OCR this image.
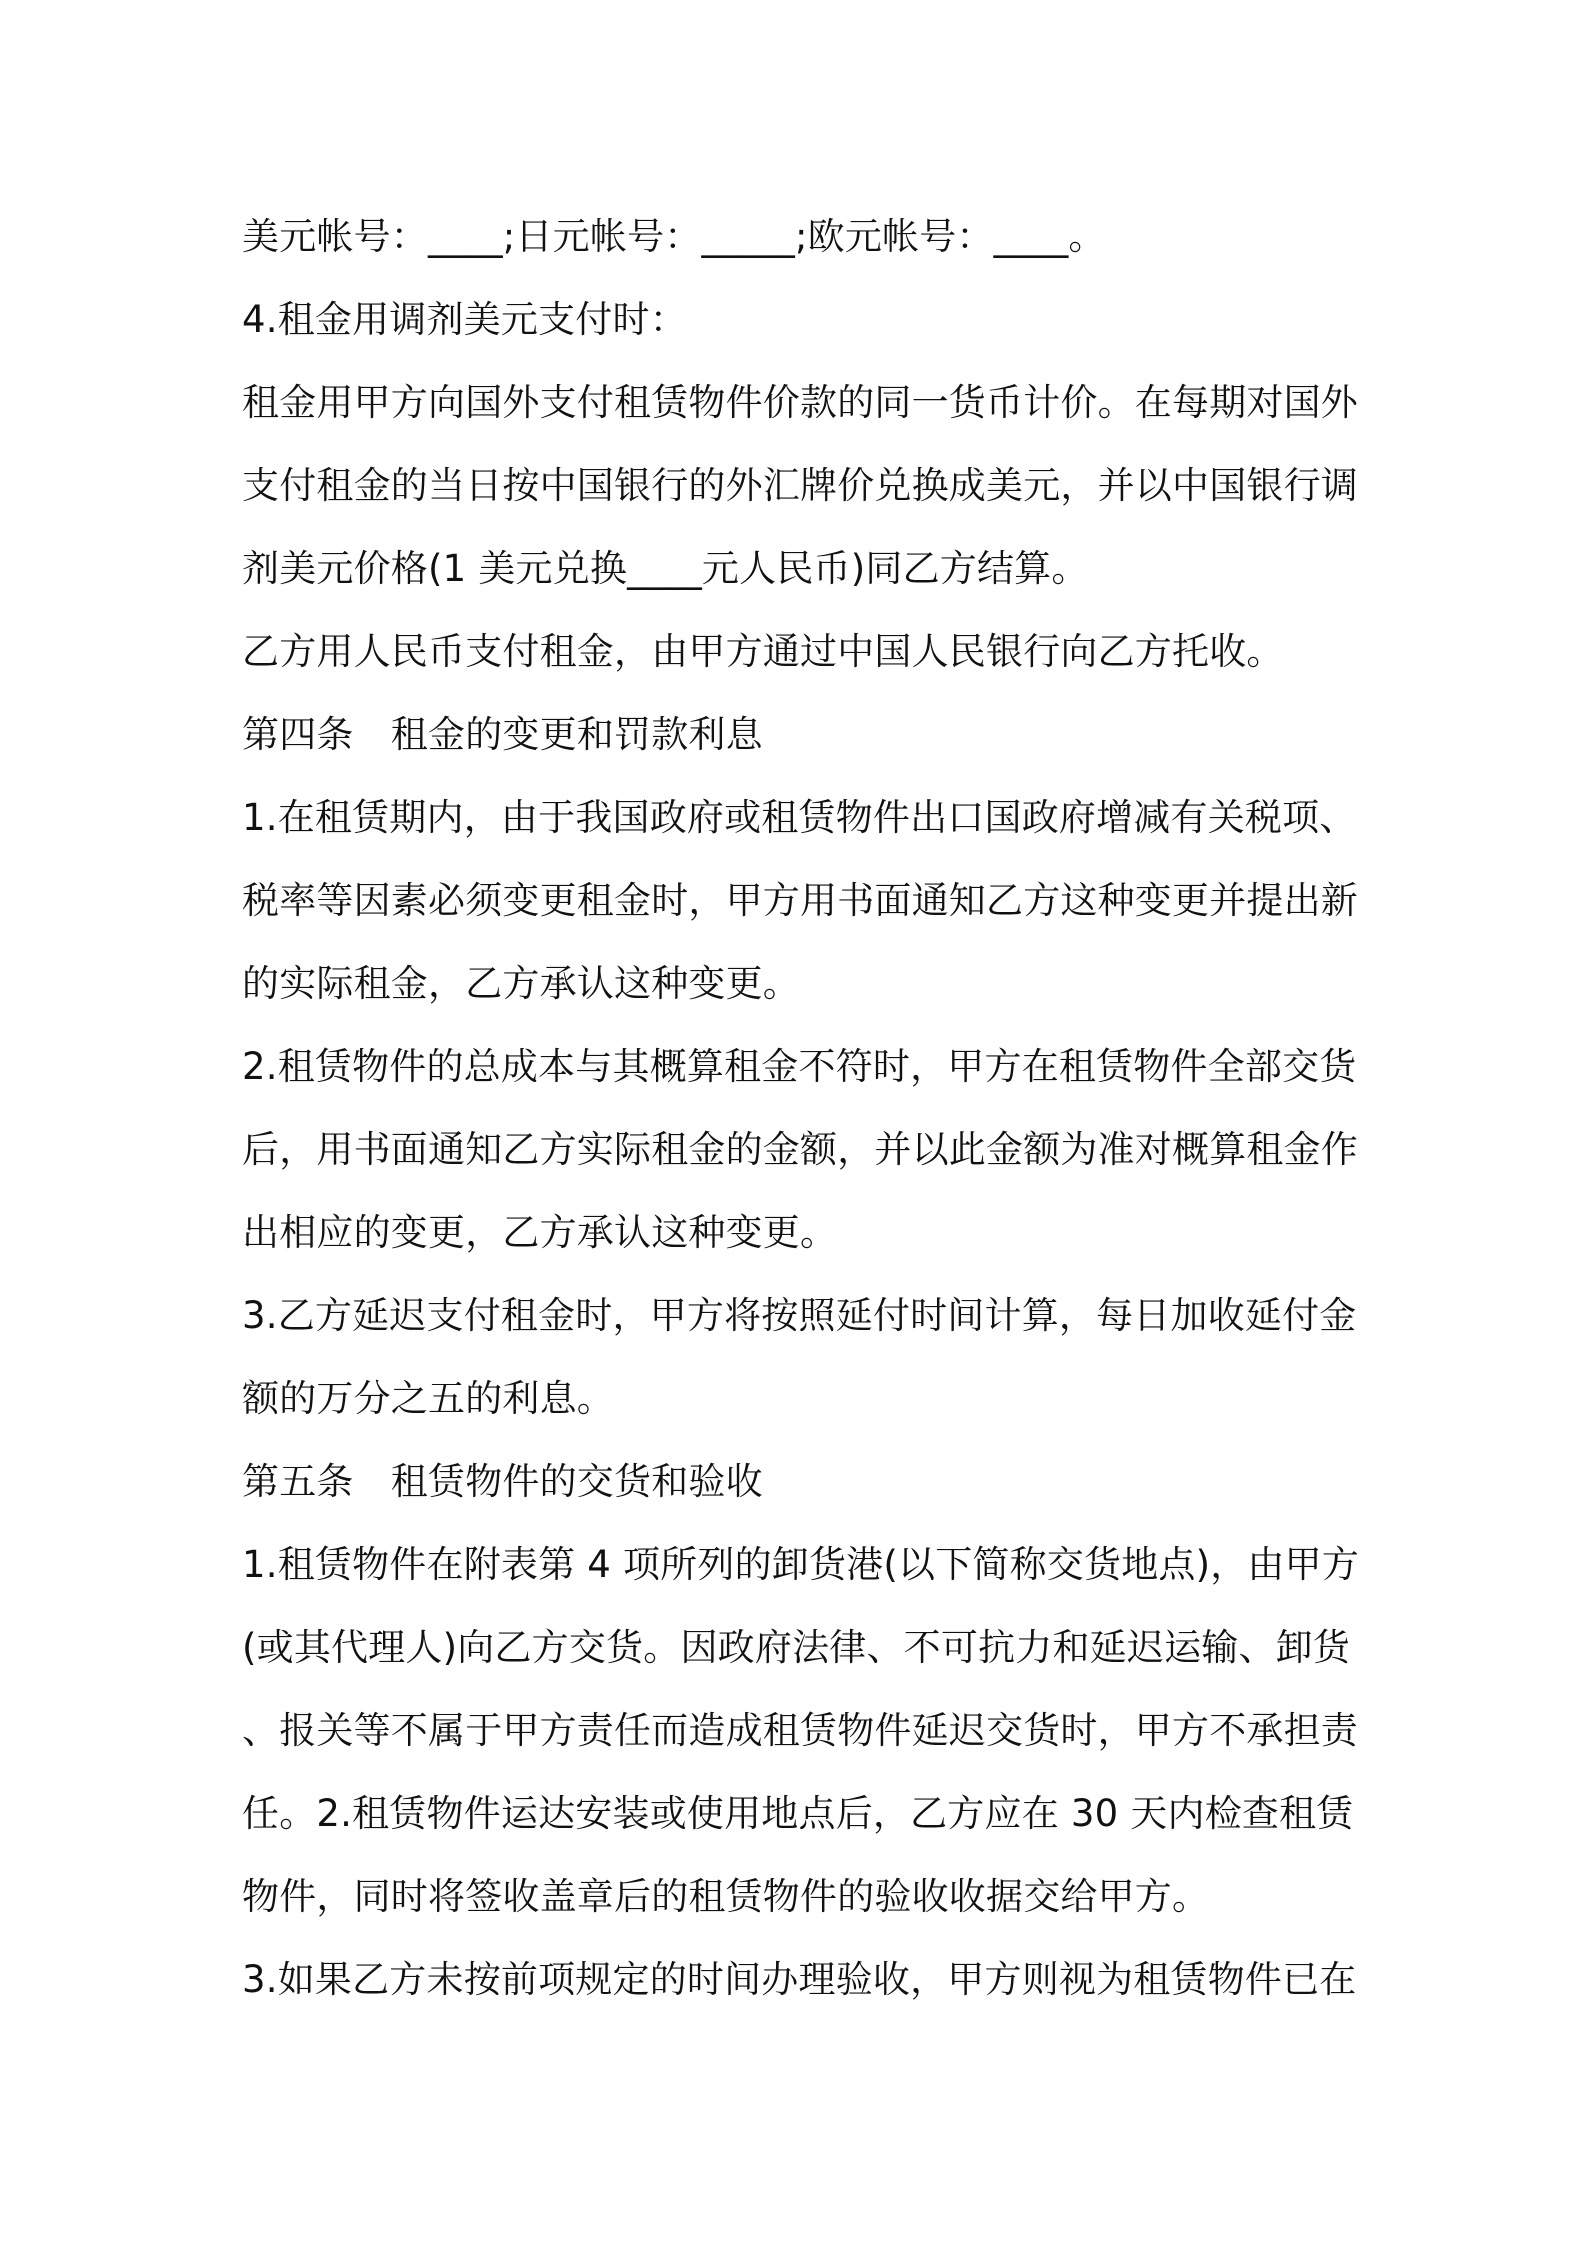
美元帐号：____;日元帐号：_____;欧元帐号：____。
4.租金用调剂美元支付时：
租金用甲方向国外支付租赁物件价款的同一货币计价。在每期对国外
支付租金的当日按中国银行的外汇牌价兑换成美元，并以中国银行调
剂美元价格(1 美元兑换____元人民币)同乙方结算。
乙方用人民币支付租金，由甲方通过中国人民银行向乙方托收。
第四条　租金的变更和罚款利息
1.在租赁期内，由于我国政府或租赁物件出口国政府增减有关税项、
税率等因素必须变更租金时，甲方用书面通知乙方这种变更并提出新
的实际租金，乙方承认这种变更。
2.租赁物件的总成本与其概算租金不符时，甲方在租赁物件全部交货
后，用书面通知乙方实际租金的金额，并以此金额为准对概算租金作
出相应的变更，乙方承认这种变更。
3.乙方延迟支付租金时，甲方将按照延付时间计算，每日加收延付金
额的万分之五的利息。
第五条　租赁物件的交货和验收
1.租赁物件在附表第 4 项所列的卸货港(以下简称交货地点)，由甲方
(或其代理人)向乙方交货。因政府法律、不可抗力和延迟运输、卸货
、报关等不属于甲方责任而造成租赁物件延迟交货时，甲方不承担责
任。2.租赁物件运达安装或使用地点后，乙方应在 30 天内检查租赁
物件，同时将签收盖章后的租赁物件的验收收据交给甲方。
3.如果乙方未按前项规定的时间办理验收，甲方则视为租赁物件已在
